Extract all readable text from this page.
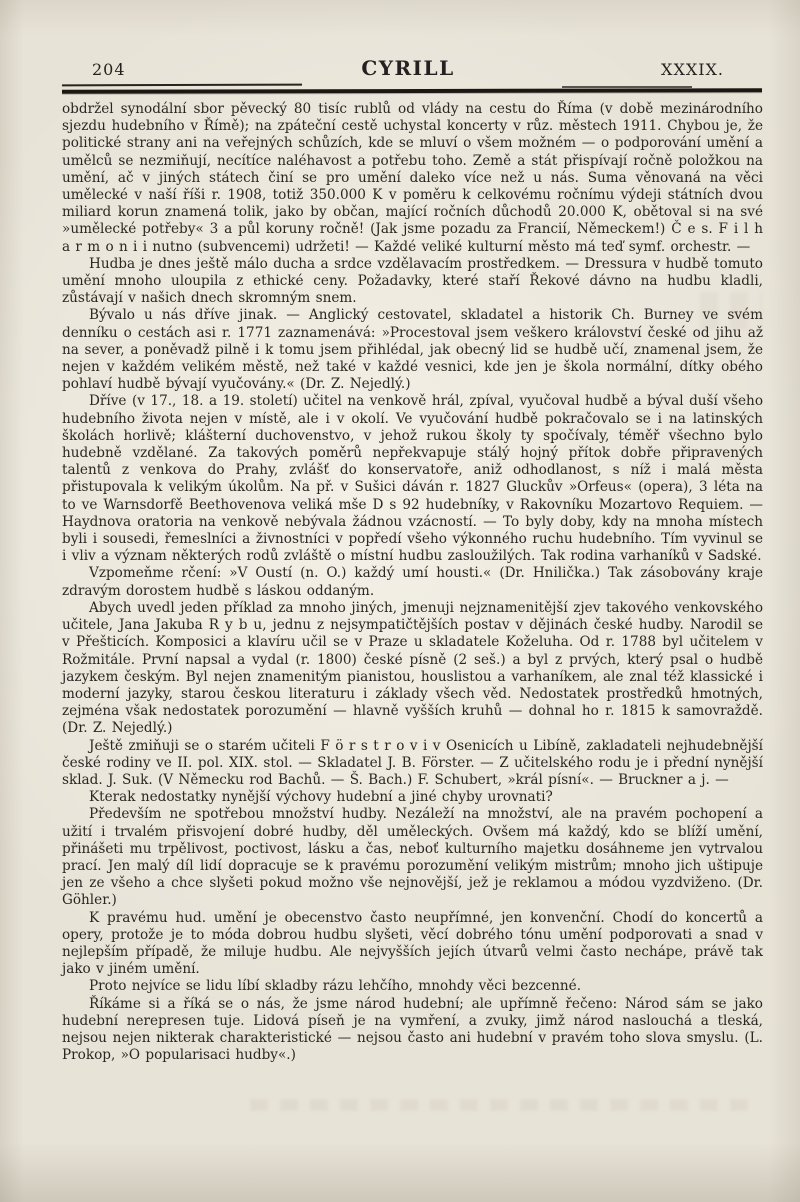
204	CYRILL	XXXIX.

obdržel synodální sbor pěvecký 80 tisíc rublů od vlády na cestu do Říma (v době mezinárodního sjezdu hudebního v Římě); na zpáteční cestě uchystal koncerty v růz. městech 1911. Chybou je, že politické strany ani na veřejných schůzích, kde se mluví o všem možném — o podporování umění a umělců se nezmiňují, necítíce naléhavost a potřebu toho. Země a stát přispívají ročně položkou na umění, ač v jiných státech činí se pro umění daleko více než u nás. Suma věnovaná na věci umělecké v naší říši r. 1908, totiž 350.000 K v poměru k celkovému ročnímu výdeji státních dvou miliard korun znamená tolik, jako by občan, mající ročních důchodů 20.000 K, obětoval si na své »umělecké potřeby« 3 a půl koruny ročně! (Jak jsme pozadu za Francií, Německem!) Č e s. F i l h a r m o n i i nutno (subvencemi) udržeti! — Každé veliké kulturní město má teď symf. orchestr. —

Hudba je dnes ještě málo ducha a srdce vzdělavacím prostředkem. — Dressura v hudbě tomuto umění mnoho uloupila z ethické ceny. Požadavky, které staří Řekové dávno na hudbu kladli, zůstávají v našich dnech skromným snem.

Bývalo u nás dříve jinak. — Anglický cestovatel, skladatel a historik Ch. Burney ve svém denníku o cestách asi r. 1771 zaznamenává: »Procestoval jsem veškero království české od jihu až na sever, a poněvadž pilně i k tomu jsem přihlédal, jak obecný lid se hudbě učí, znamenal jsem, že nejen v každém velikém městě, než také v každé vesnici, kde jen je škola normální, dítky obého pohlaví hudbě bývají vyučovány.« (Dr. Z. Nejedlý.)

Dříve (v 17., 18. a 19. století) učitel na venkově hrál, zpíval, vyučoval hudbě a býval duší všeho hudebního života nejen v místě, ale i v okolí. Ve vyučování hudbě pokračovalo se i na latinských školách horlivě; klášterní duchovenstvo, v jehož rukou školy ty spočívaly, téměř všechno bylo hudebně vzdělané. Za takových poměrů nepřekvapuje stálý hojný přítok dobře připravených talentů z venkova do Prahy, zvlášť do konservatoře, aniž odhodlanost, s níž i malá města přistupovala k velikým úkolům. Na př. v Sušici dáván r. 1827 Gluckův »Orfeus« (opera), 3 léta na to ve Warnsdorfě Beethovenova veliká mše D s 92 hudebníky, v Rakovníku Mozartovo Requiem. — Haydnova oratoria na venkově nebývala žádnou vzácností. — To byly doby, kdy na mnoha místech byli i sousedi, řemeslníci a živnostníci v popředí všeho výkonného ruchu hudebního. Tím vyvinul se i vliv a význam některých rodů zvláště o místní hudbu zasloužilých. Tak rodina varhaníků v Sadské.

Vzpomeňme rčení: »V Oustí (n. O.) každý umí housti.« (Dr. Hnilička.) Tak zásobovány kraje zdravým dorostem hudbě s láskou oddaným.

Abych uvedl jeden příklad za mnoho jiných, jmenuji nejznamenitější zjev takového venkovského učitele, Jana Jakuba R y b u, jednu z nejsympatičtějších postav v dějinách české hudby. Narodil se v Přešticích. Komposici a klavíru učil se v Praze u skladatele Koželuha. Od r. 1788 byl učitelem v Rožmitále. První napsal a vydal (r. 1800) české písně (2 seš.) a byl z prvých, který psal o hudbě jazykem českým. Byl nejen znamenitým pianistou, houslistou a varhaníkem, ale znal též klassické i moderní jazyky, starou českou literaturu i základy všech věd. Nedostatek prostředků hmotných, zejména však nedostatek porozumění — hlavně vyšších kruhů — dohnal ho r. 1815 k samovraždě. (Dr. Z. Nejedlý.)

Ještě zmiňuji se o starém učiteli F ö r s t r o v i v Osenicích u Libíně, zakladateli nejhudebnější české rodiny ve II. pol. XIX. stol. — Skladatel J. B. Förster. — Z učitelského rodu je i přední nynější sklad. J. Suk. (V Německu rod Bachů. — Š. Bach.) F. Schubert, »král písní«. — Bruckner a j. —

Kterak nedostatky nynější výchovy hudební a jiné chyby urovnati?

Především ne spotřebou množství hudby. Nezáleží na množství, ale na pravém pochopení a užití i trvalém přisvojení dobré hudby, děl uměleckých. Ovšem má každý, kdo se blíží umění, přinášeti mu trpělivost, poctivost, lásku a čas, neboť kulturního majetku dosáhneme jen vytrvalou prací. Jen malý díl lidí dopracuje se k pravému porozumění velikým mistrům; mnoho jich uštipuje jen ze všeho a chce slyšeti pokud možno vše nejnovější, jež je reklamou a módou vyzdviženo. (Dr. Göhler.)

K pravému hud. umění je obecenstvo často neupřímné, jen konvenční. Chodí do koncertů a opery, protože je to móda dobrou hudbu slyšeti, věcí dobrého tónu umění podporovati a snad v nejlepším případě, že miluje hudbu. Ale nejvyšších jejích útvarů velmi často nechápe, právě tak jako v jiném umění.

Proto nejvíce se lidu líbí skladby rázu lehčího, mnohdy věci bezcenné.

Říkáme si a říká se o nás, že jsme národ hudební; ale upřímně řečeno: Národ sám se jako hudební nerepresen tuje. Lidová píseň je na vymření, a zvuky, jimž národ naslouchá a tleská, nejsou nejen nikterak charakteristické — nejsou často ani hudební v pravém toho slova smyslu. (L. Prokop, »O popularisaci hudby«.)
